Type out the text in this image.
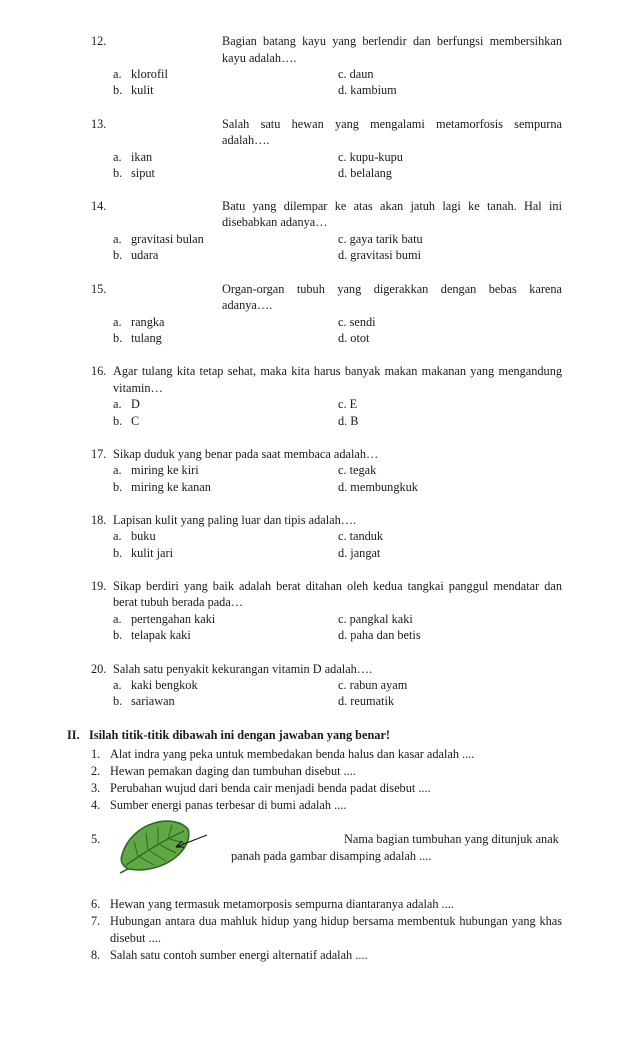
12.	Bagian batang kayu yang berlendir dan berfungsi membersihkan
kayu adalah….
a. klorofil	c. daun
b. kulit	d. kambium
13.	Salah satu hewan yang mengalami metamorfosis sempurna
adalah….
a. ikan	c. kupu-kupu
b. siput	d. belalang
14.	Batu yang dilempar ke atas akan jatuh lagi ke tanah. Hal ini
disebabkan adanya…
a. gravitasi bulan	c. gaya tarik batu
b. udara	d. gravitasi bumi
15.	Organ-organ tubuh yang digerakkan dengan bebas karena
adanya….
a. rangka	c. sendi
b. tulang	d. otot
16. Agar tulang kita tetap sehat, maka kita harus banyak makan makanan yang mengandung
vitamin…
a. D	c. E
b. C	d. B
17. Sikap duduk yang benar pada saat membaca adalah…
a. miring ke kiri	c. tegak
b. miring ke kanan	d. membungkuk
18. Lapisan kulit yang paling luar dan tipis adalah….
a. buku	c. tanduk
b. kulit jari	d. jangat
19. Sikap berdiri yang baik adalah berat ditahan oleh kedua tangkai panggul mendatar dan
berat tubuh berada pada…
a. pertengahan kaki	c. pangkal kaki
b. telapak kaki	d. paha dan betis
20. Salah satu penyakit kekurangan vitamin D adalah….
a. kaki bengkok	c. rabun ayam
b. sariawan	d. reumatik
II. Isilah titik-titik dibawah ini dengan jawaban yang benar!
1. Alat indra yang peka untuk membedakan benda halus dan kasar adalah ....
2. Hewan pemakan daging dan tumbuhan disebut ....
3. Perubahan wujud dari benda cair menjadi benda padat disebut ....
4. Sumber energi panas terbesar di bumi adalah ....
5.	Nama bagian tumbuhan yang ditunjuk anak
panah pada gambar disamping adalah ....
6. Hewan yang termasuk metamorposis sempurna diantaranya adalah ....
7. Hubungan antara dua mahluk hidup yang hidup bersama membentuk hubungan yang khas
disebut ....
8. Salah satu contoh sumber energi alternatif adalah ....
